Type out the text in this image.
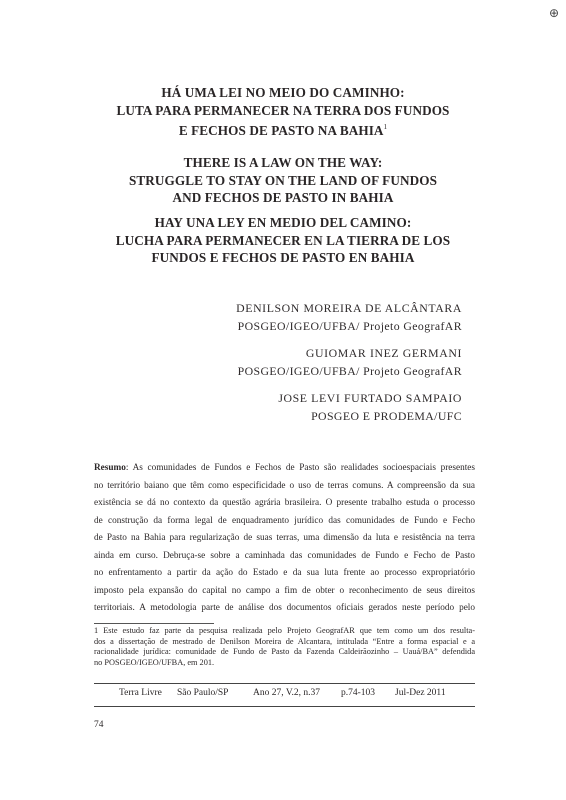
⊕
HÁ UMA LEI NO MEIO DO CAMINHO:
LUTA PARA PERMANECER NA TERRA DOS FUNDOS
E FECHOS DE PASTO NA BAHIA$^1$
THERE IS A LAW ON THE WAY:
STRUGGLE TO STAY ON THE LAND OF FUNDOS
AND FECHOS DE PASTO IN BAHIA
HAY UNA LEY EN MEDIO DEL CAMINO:
LUCHA PARA PERMANECER EN LA TIERRA DE LOS
FUNDOS E FECHOS DE PASTO EN BAHIA
DENILSON MOREIRA DE ALCÂNTARA
POSGEO/IGEO/UFBA/ Projeto GeografAR
GUIOMAR INEZ GERMANI
POSGEO/IGEO/UFBA/ Projeto GeografAR
JOSE LEVI FURTADO SAMPAIO
POSGEO E PRODEMA/UFC
Resumo: As comunidades de Fundos e Fechos de Pasto são realidades socioespaciais presentes
no território baiano que têm como especificidade o uso de terras comuns. A compreensão da sua
existência se dá no contexto da questão agrária brasileira. O presente trabalho estuda o processo
de construção da forma legal de enquadramento jurídico das comunidades de Fundo e Fecho
de Pasto na Bahia para regularização de suas terras, uma dimensão da luta e resistência na terra
ainda em curso. Debruça-se sobre a caminhada das comunidades de Fundo e Fecho de Pasto
no enfrentamento a partir da ação do Estado e da sua luta frente ao processo expropriatório
imposto pela expansão do capital no campo a fim de obter o reconhecimento de seus direitos
territoriais. A metodologia parte de análise dos documentos oficiais gerados neste período pelo
1 Este estudo faz parte da pesquisa realizada pelo Projeto GeografAR que tem como um dos resulta-
dos a dissertação de mestrado de Denilson Moreira de Alcantara, intitulada “Entre a forma espacial e a
racionalidade jurídica: comunidade de Fundo de Pasto da Fazenda Caldeirãozinho – Uauá/BA” defendida
no POSGEO/IGEO/UFBA, em 201.
Terra Livre São Paulo/SP	Ano 27, V.2, n.37 p.74-103 Jul-Dez 2011
74
